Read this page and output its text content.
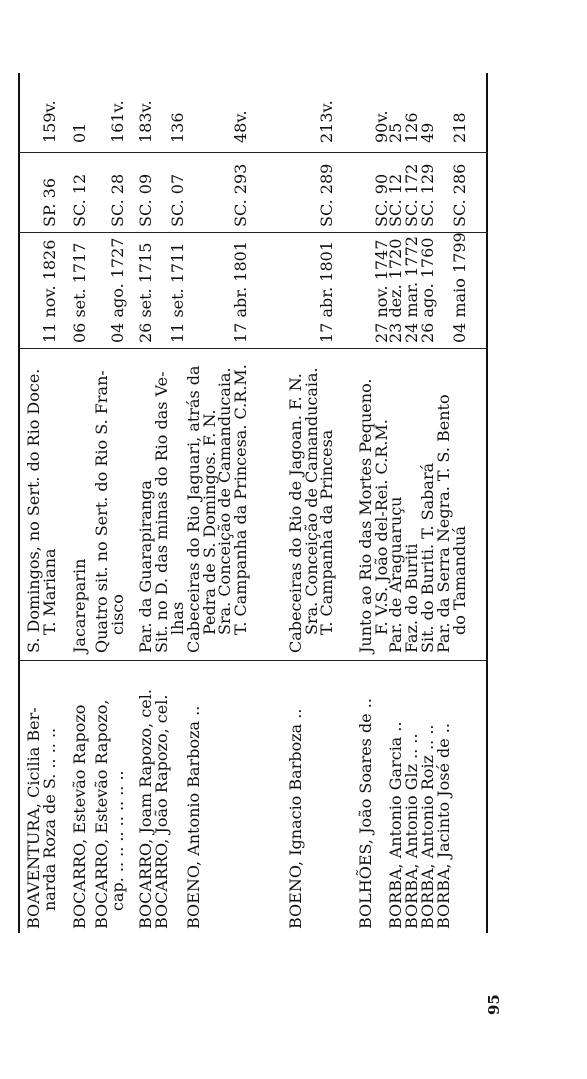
BOAVENTURA, Cicilia Ber-
narda Roza de S. .. .. ..
S. Domingos, no Sert. do Rio Doce.
T. Mariana
11 nov. 1826
SP. 36
159v.
BOCARRO, Estevão Rapozo
Jacareparin
06 set. 1717
SC. 12
01
BOCARRO, Estevão Rapozo,
cap. .. .. .. .. .. .. ..
Quatro sit. no Sert. do Rio S. Fran-
cisco
04 ago. 1727
SC. 28
161v.
BOCARRO, Joam Rapozo, cel.
Par. da Guarapiranga
26 set. 1715
SC. 09
183v.
BOCARRO, João Rapozo, cel.
Sit. no D. das minas do Rio das Ve-
lhas
11 set. 1711
SC. 07
136
BOENO, Antonio Barboza ..
Cabeceiras do Rio Jaguari, atrás da
Pedra de S. Domingos. F. N.
Sra. Conceição de Camanducaia.
T. Campanha da Princesa. C.R.M.
17 abr. 1801
SC. 293
48v.
BOENO, Ignacio Barboza ..
Cabeceiras do Rio de Jagoan. F. N.
Sra. Conceição de Camanducaia.
T. Campanha da Princesa
17 abr. 1801
SC. 289
213v.
BOLHÕES, João Soares de ..
Junto ao Rio das Mortes Pequeno.
F. V.S. João del-Rei. C.R.M.
27 nov. 1747
SC. 90
90v.
BORBA, Antonio Garcia ..
Par. de Araguaruçu
23 dez. 1720
SC. 12
25
BORBA, Antonio Glz .. ..
Faz. do Buriti
24 mar. 1772
SC. 172
126
BORBA, Antonio Roiz .. ..
Sit. do Buriti. T. Sabará
26 ago. 1760
SC. 129
49
BORBA, Jacinto José de ..
Par. da Serra Negra. T. S. Bento
do Tamanduá
04 maio 1799
SC. 286
218
95
